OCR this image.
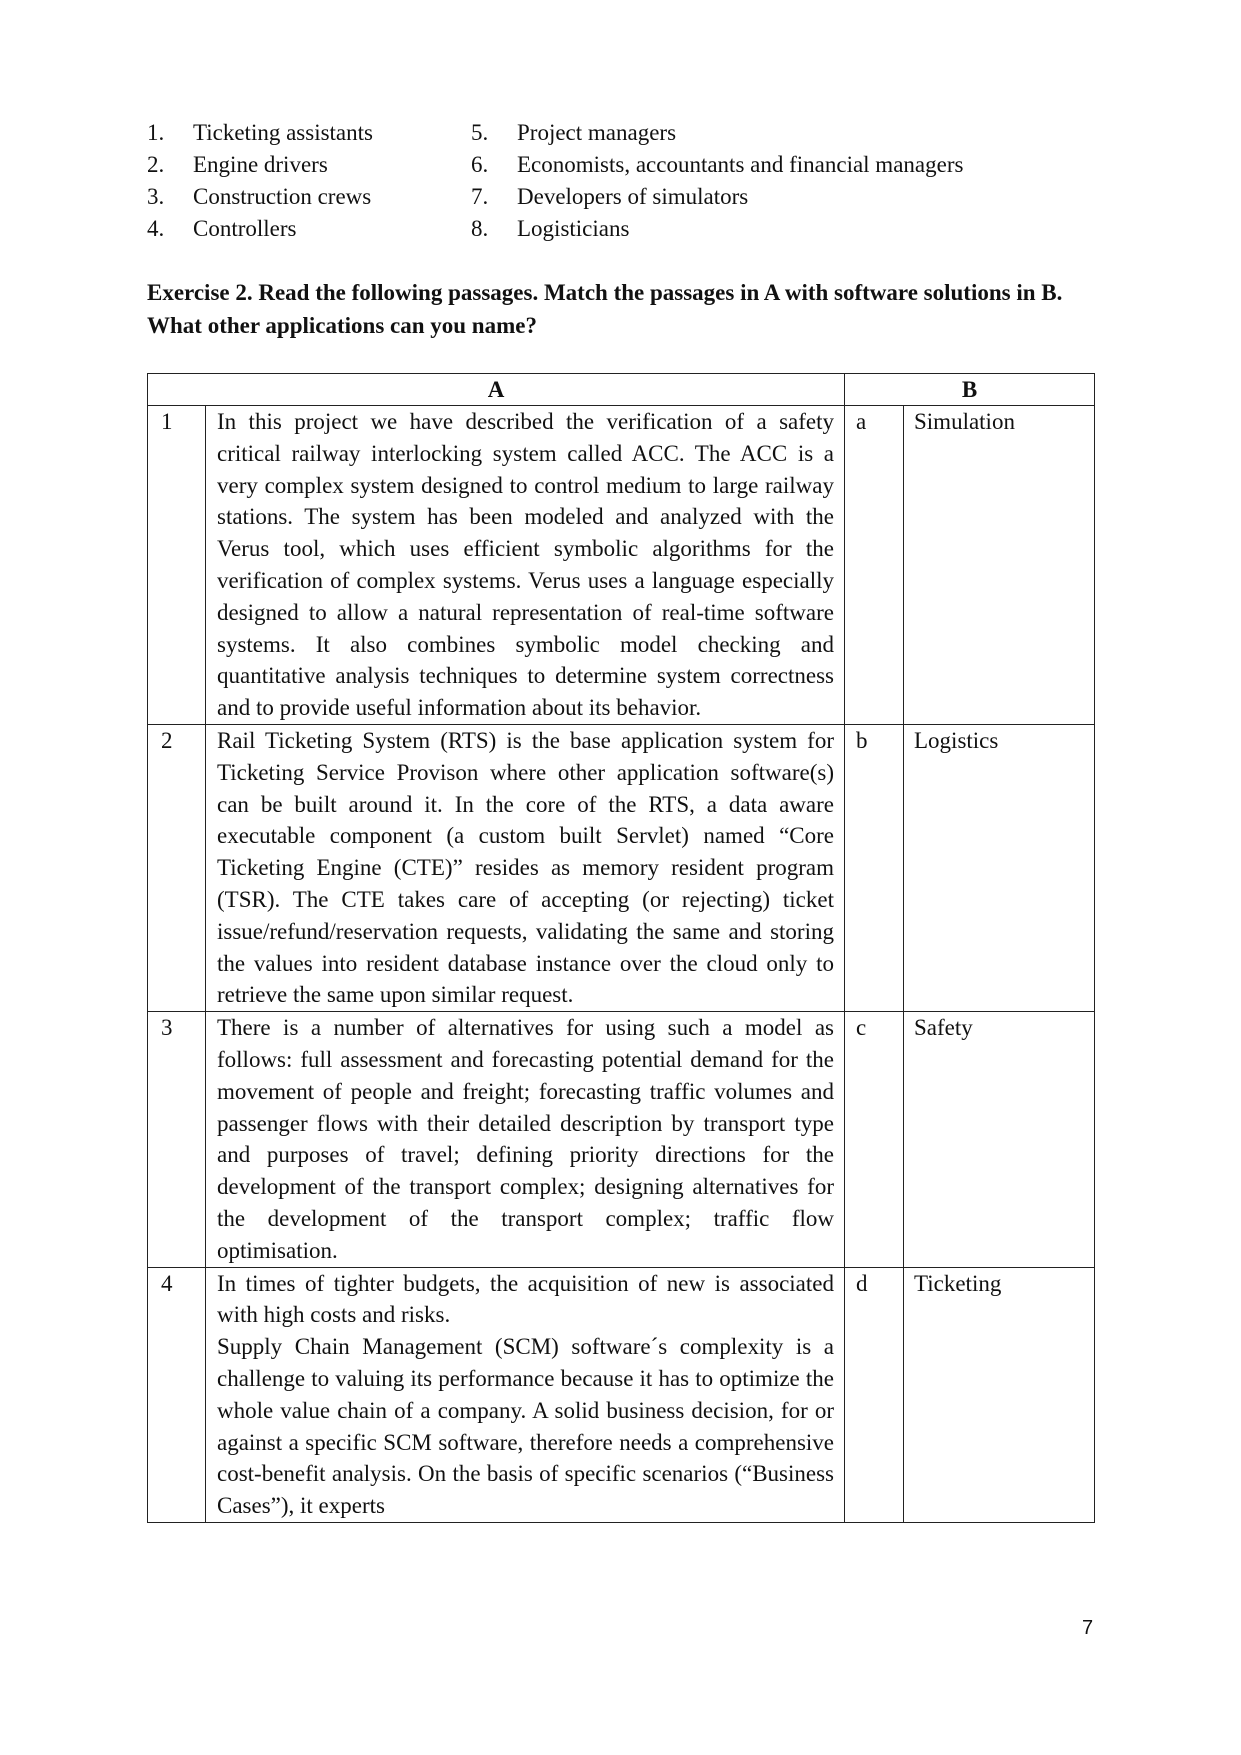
1.	Ticketing assistants
2.	Engine drivers
3.	Construction crews
4.	Controllers
5.	Project managers
6.	Economists, accountants and financial managers
7.	Developers of simulators
8.	Logisticians
Exercise 2. Read the following passages. Match the passages in A with software solutions in B. What other applications can you name?
A		B	
1	In this project we have described the verification of a safety critical railway interlocking system called ACC. The ACC is a very complex system designed to control medium to large railway stations. The system has been modeled and analyzed with the Verus tool, which uses efficient symbolic algorithms for the verification of complex systems. Verus uses a language especially designed to allow a natural representation of real-time software systems. It also combines symbolic model checking and quantitative analysis techniques to determine system correctness and to provide useful information about its behavior.	a	Simulation
2	Rail Ticketing System (RTS) is the base application system for Ticketing Service Provison where other application software(s) can be built around it. In the core of the RTS, a data aware executable component (a custom built Servlet) named “Core Ticketing Engine (CTE)” resides as memory resident program (TSR). The CTE takes care of accepting (or rejecting) ticket issue/refund/reservation requests, validating the same and storing the values into resident database instance over the cloud only to retrieve the same upon similar request.	b	Logistics
3	There is a number of alternatives for using such a model as follows: full assessment and forecasting potential demand for the movement of people and freight; forecasting traffic volumes and passenger flows with their detailed description by transport type and purposes of travel; defining priority directions for the development of the transport complex; designing alternatives for the development of the transport complex; traffic flow optimisation.	c	Safety
4	In times of tighter budgets, the acquisition of new is associated with high costs and risks.
Supply Chain Management (SCM) software´s complexity is a challenge to valuing its performance because it has to optimize the whole value chain of a company. A solid business decision, for or against a specific SCM software, therefore needs a comprehensive cost-benefit analysis. On the basis of specific scenarios (“Business Cases”), it experts	d	Ticketing
7
